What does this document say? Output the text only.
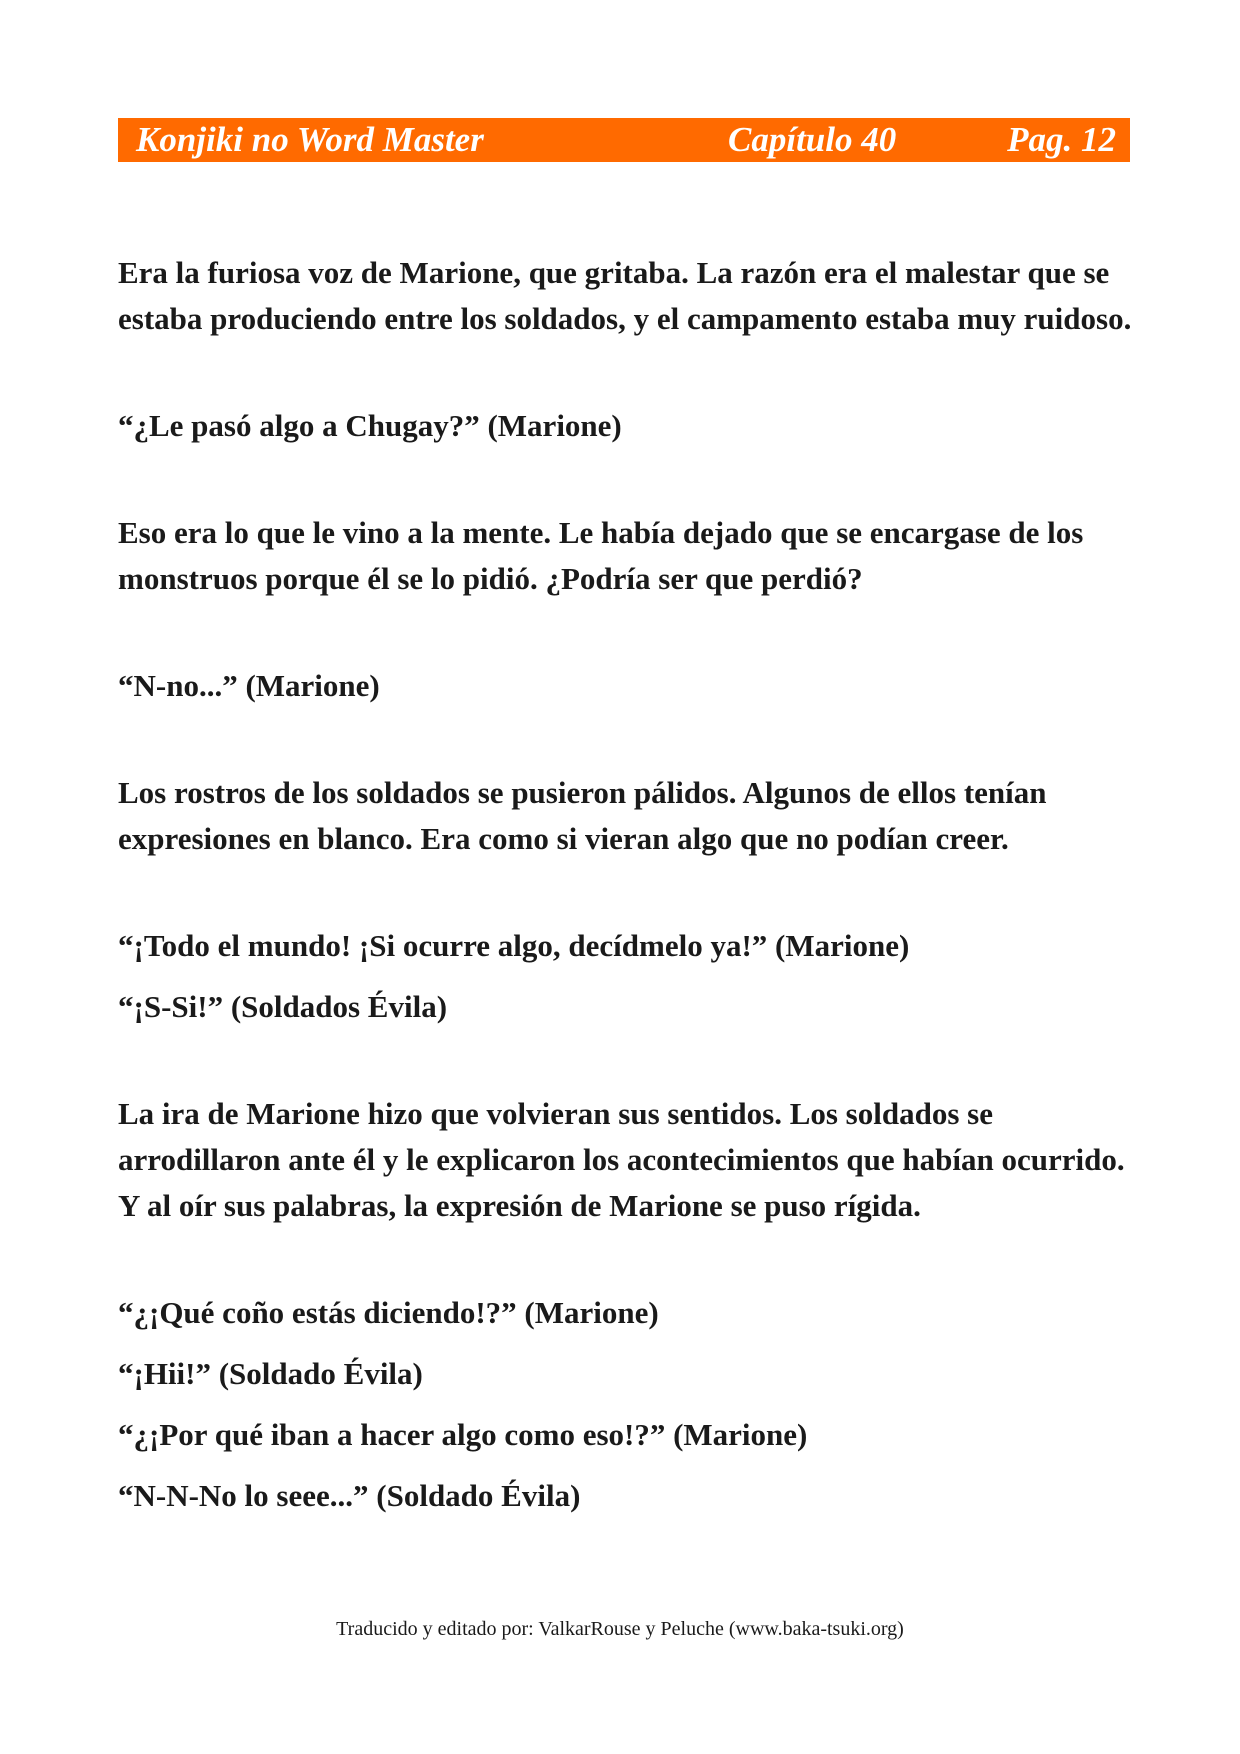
Konjiki no Word Master	Capítulo 40	Pag. 12

Era la furiosa voz de Marione, que gritaba. La razón era el malestar que se estaba produciendo entre los soldados, y el campamento estaba muy ruidoso.

“¿Le pasó algo a Chugay?” (Marione)

Eso era lo que le vino a la mente. Le había dejado que se encargase de los monstruos porque él se lo pidió. ¿Podría ser que perdió?

“N-no...” (Marione)

Los rostros de los soldados se pusieron pálidos. Algunos de ellos tenían expresiones en blanco. Era como si vieran algo que no podían creer.

“¡Todo el mundo! ¡Si ocurre algo, decídmelo ya!” (Marione)

“¡S-Si!” (Soldados Évila)

La ira de Marione hizo que volvieran sus sentidos. Los soldados se arrodillaron ante él y le explicaron los acontecimientos que habían ocurrido. Y al oír sus palabras, la expresión de Marione se puso rígida.

“¿¡Qué coño estás diciendo!?” (Marione)

“¡Hii!” (Soldado Évila)

“¿¡Por qué iban a hacer algo como eso!?” (Marione)

“N-N-No lo seee...” (Soldado Évila)

Traducido y editado por: ValkarRouse y Peluche (www.baka-tsuki.org)
